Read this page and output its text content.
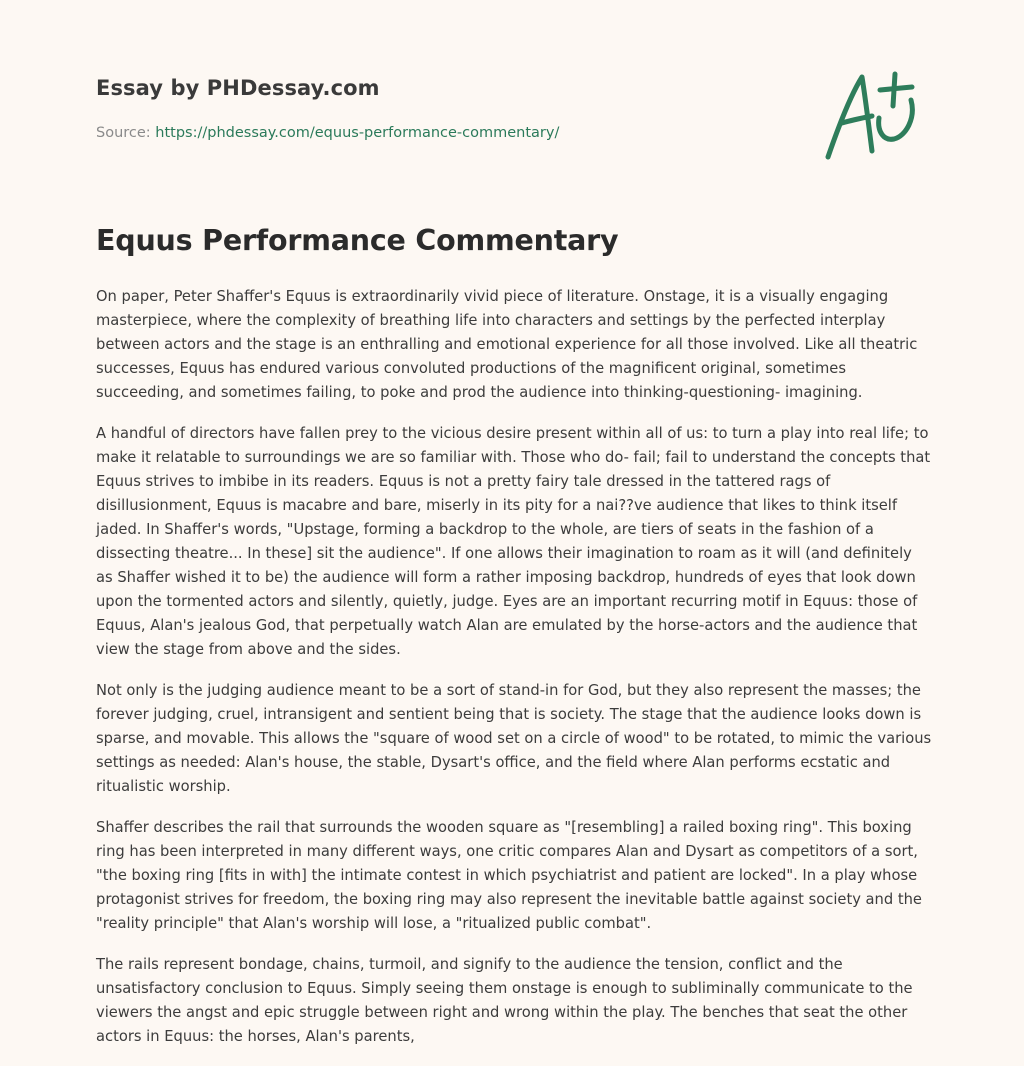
Essay by PHDessay.com
Source: https://phdessay.com/equus-performance-commentary/
Equus Performance Commentary

On paper, Peter Shaffer's Equus is extraordinarily vivid piece of literature. Onstage, it is a visually engaging masterpiece, where the complexity of breathing life into characters and settings by the perfected interplay between actors and the stage is an enthralling and emotional experience for all those involved. Like all theatric successes, Equus has endured various convoluted productions of the magnificent original, sometimes succeeding, and sometimes failing, to poke and prod the audience into thinking-questioning- imagining.

A handful of directors have fallen prey to the vicious desire present within all of us: to turn a play into real life; to make it relatable to surroundings we are so familiar with. Those who do- fail; fail to understand the concepts that Equus strives to imbibe in its readers. Equus is not a pretty fairy tale dressed in the tattered rags of disillusionment, Equus is macabre and bare, miserly in its pity for a nai??ve audience that likes to think itself jaded. In Shaffer's words, "Upstage, forming a backdrop to the whole, are tiers of seats in the fashion of a dissecting theatre... In these] sit the audience". If one allows their imagination to roam as it will (and definitely as Shaffer wished it to be) the audience will form a rather imposing backdrop, hundreds of eyes that look down upon the tormented actors and silently, quietly, judge. Eyes are an important recurring motif in Equus: those of Equus, Alan's jealous God, that perpetually watch Alan are emulated by the horse-actors and the audience that view the stage from above and the sides.

Not only is the judging audience meant to be a sort of stand-in for God, but they also represent the masses; the forever judging, cruel, intransigent and sentient being that is society. The stage that the audience looks down is sparse, and movable. This allows the "square of wood set on a circle of wood" to be rotated, to mimic the various settings as needed: Alan's house, the stable, Dysart's office, and the field where Alan performs ecstatic and ritualistic worship.

Shaffer describes the rail that surrounds the wooden square as "[resembling] a railed boxing ring". This boxing ring has been interpreted in many different ways, one critic compares Alan and Dysart as competitors of a sort, "the boxing ring [fits in with] the intimate contest in which psychiatrist and patient are locked". In a play whose protagonist strives for freedom, the boxing ring may also represent the inevitable battle against society and the "reality principle" that Alan's worship will lose, a "ritualized public combat".

The rails represent bondage, chains, turmoil, and signify to the audience the tension, conflict and the unsatisfactory conclusion to Equus. Simply seeing them onstage is enough to subliminally communicate to the viewers the angst and epic struggle between right and wrong within the play. The benches that seat the other actors in Equus: the horses, Alan's parents,
